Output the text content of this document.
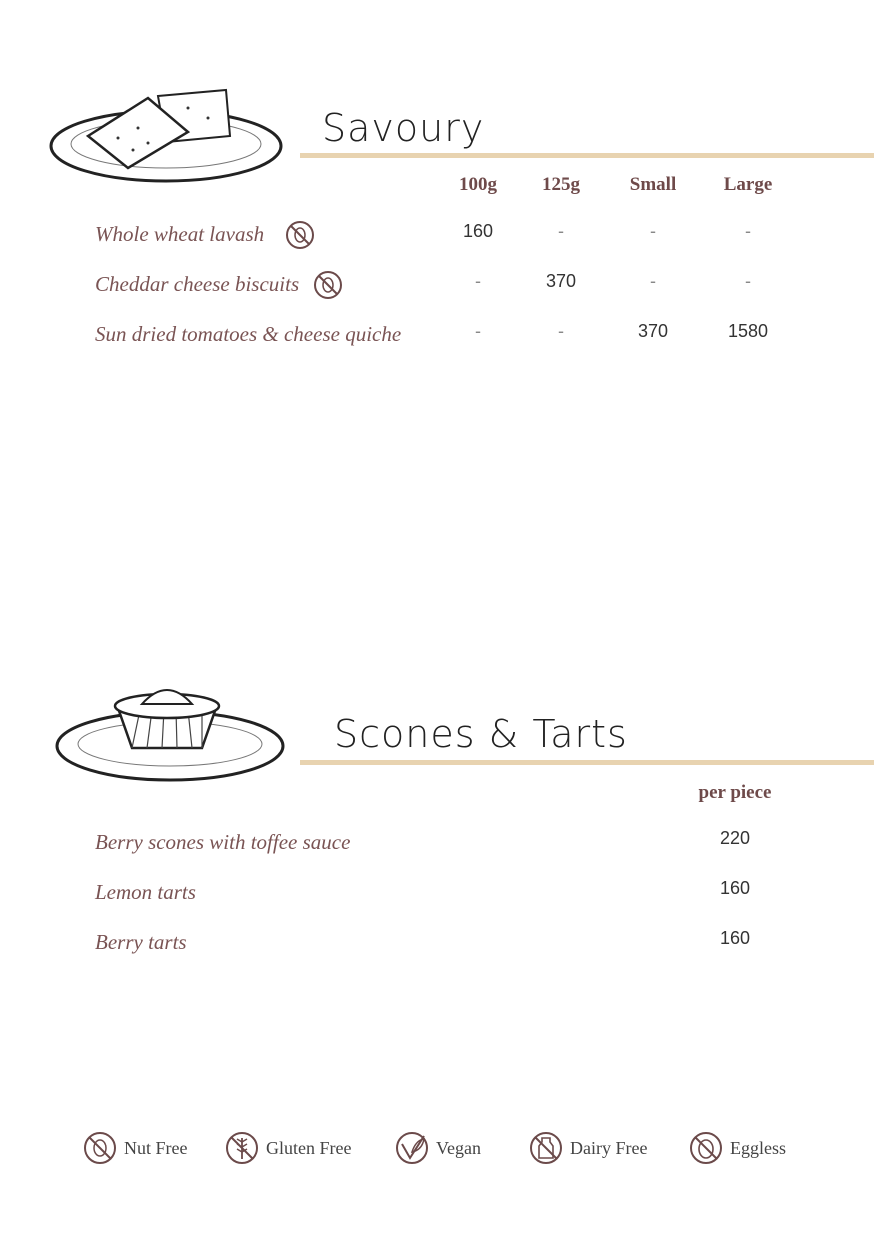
Savoury
100g	125g	Small	Large
Whole wheat lavash	160	-	-	-
Cheddar cheese biscuits	-	370	-	-
Sun dried tomatoes & cheese quiche	-	-	370	1580
Scones & Tarts
per piece
Berry scones with toffee sauce	220
Lemon tarts	160
Berry tarts	160
Nut Free	Gluten Free	Vegan	Dairy Free	Eggless
